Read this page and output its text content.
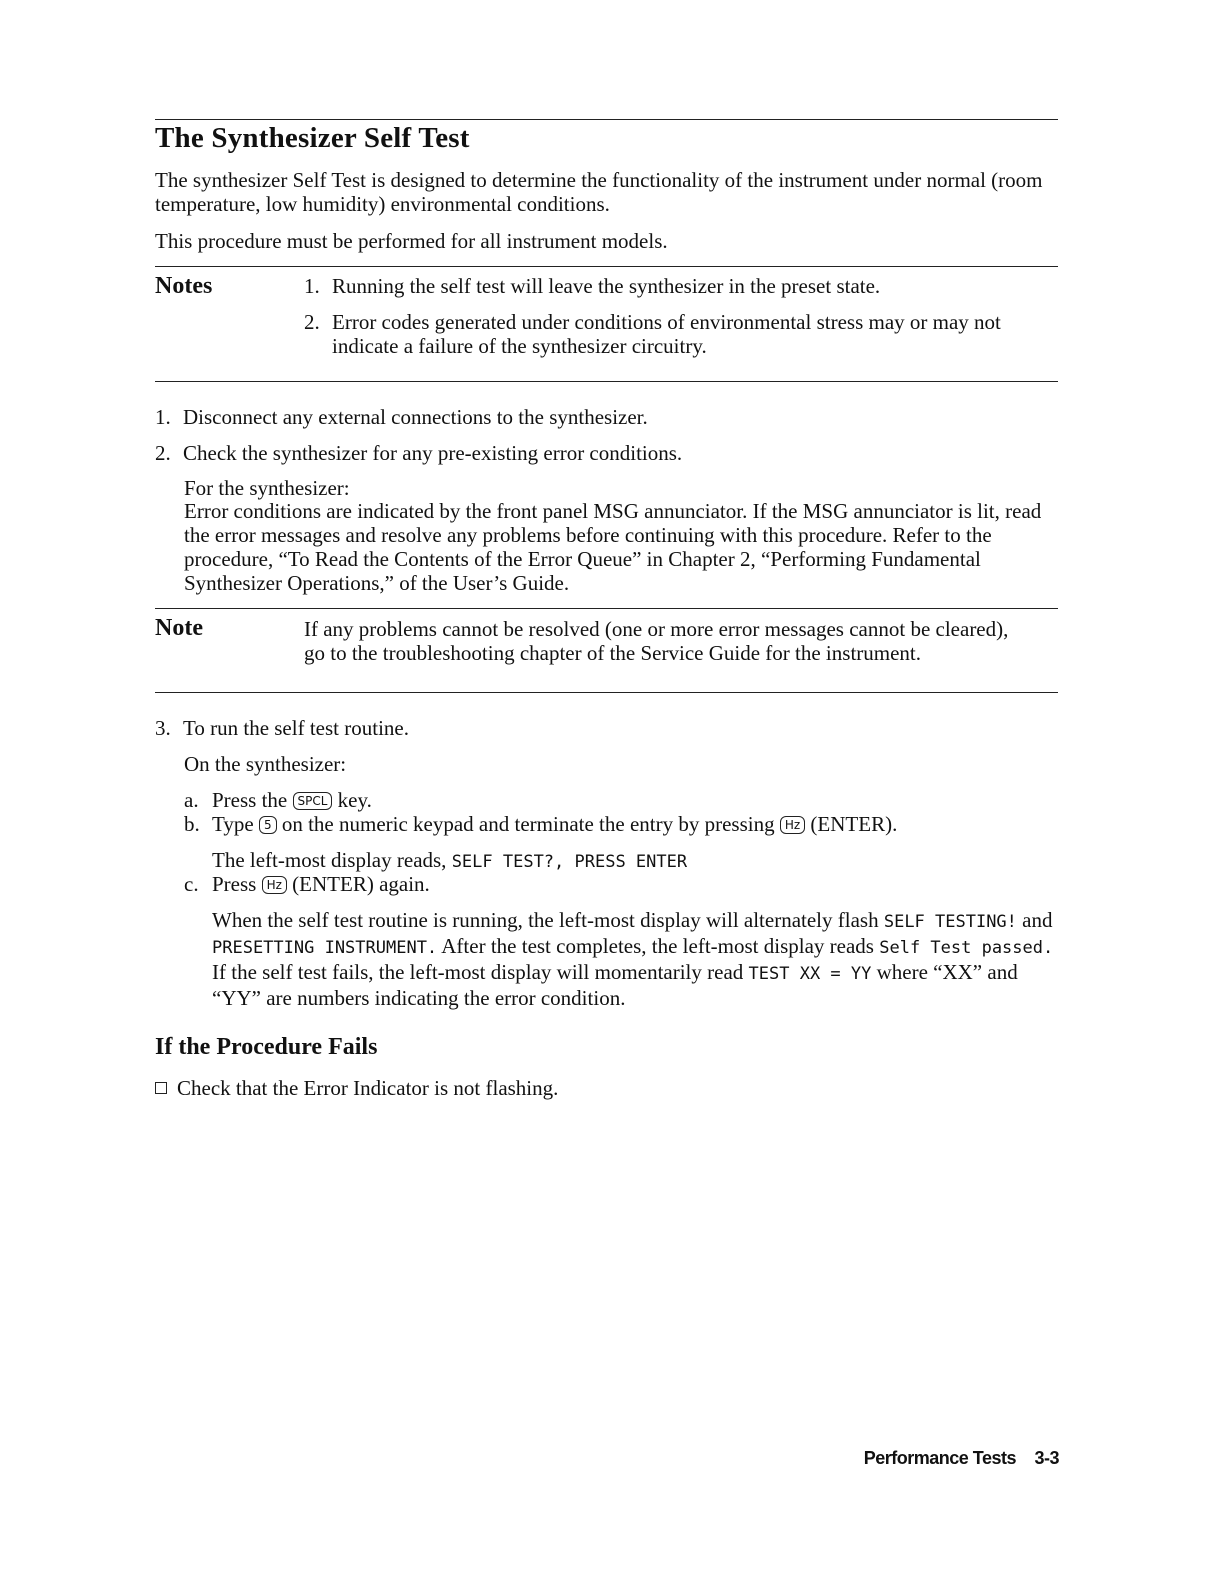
The Synthesizer Self Test

The synthesizer Self Test is designed to determine the functionality of the instrument under normal (room temperature, low humidity) environmental conditions.

This procedure must be performed for all instrument models.

Notes	1. Running the self test will leave the synthesizer in the preset state.
2. Error codes generated under conditions of environmental stress may or may not indicate a failure of the synthesizer circuitry.
1. Disconnect any external connections to the synthesizer.
2. Check the synthesizer for any pre-existing error conditions.
For the synthesizer:
Error conditions are indicated by the front panel MSG annunciator. If the MSG annunciator is lit, read the error messages and resolve any problems before continuing with this procedure. Refer to the procedure, “To Read the Contents of the Error Queue” in Chapter 2, “Performing Fundamental Synthesizer Operations,” of the User’s Guide.
Note	If any problems cannot be resolved (one or more error messages cannot be cleared), go to the troubleshooting chapter of the Service Guide for the instrument.
3. To run the self test routine.
On the synthesizer:
a. Press the SPCL key.
b. Type 5 on the numeric keypad and terminate the entry by pressing Hz (ENTER).
The left-most display reads, SELF TEST?, PRESS ENTER
c. Press Hz (ENTER) again.
When the self test routine is running, the left-most display will alternately flash SELF TESTING! and PRESETTING INSTRUMENT. After the test completes, the left-most display reads Self Test passed. If the self test fails, the left-most display will momentarily read TEST XX = YY where “XX” and “YY” are numbers indicating the error condition.
If the Procedure Fails
Check that the Error Indicator is not flashing.
Performance Tests 3-3
